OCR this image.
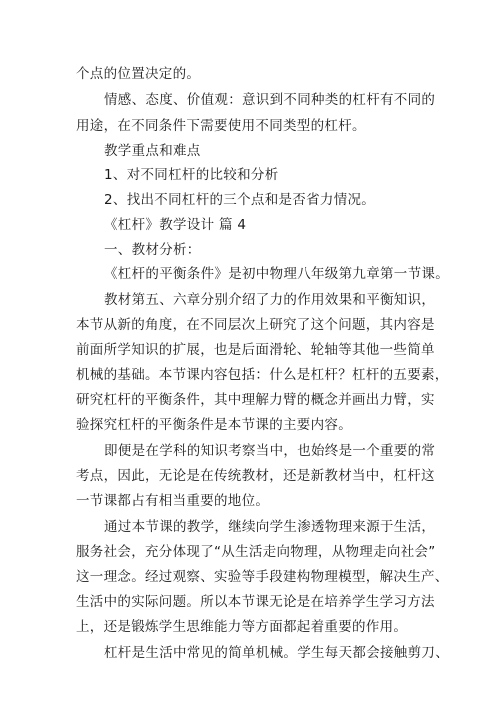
个点的位置决定的。
情感、态度、价值观：意识到不同种类的杠杆有不同的
用途，在不同条件下需要使用不同类型的杠杆。
教学重点和难点
1、对不同杠杆的比较和分析
2、找出不同杠杆的三个点和是否省力情况。
《杠杆》教学设计 篇 4
一、教材分析：
《杠杆的平衡条件》是初中物理八年级第九章第一节课。
教材第五、六章分别介绍了力的作用效果和平衡知识，
本节从新的角度，在不同层次上研究了这个问题，其内容是
前面所学知识的扩展，也是后面滑轮、轮轴等其他一些简单
机械的基础。本节课内容包括：什么是杠杆？杠杆的五要素，
研究杠杆的平衡条件，其中理解力臂的概念并画出力臂，实
验探究杠杆的平衡条件是本节课的主要内容。
即便是在学科的知识考察当中，也始终是一个重要的常
考点，因此，无论是在传统教材，还是新教材当中，杠杆这
一节课都占有相当重要的地位。
通过本节课的教学，继续向学生渗透物理来源于生活，
服务社会，充分体现了“从生活走向物理，从物理走向社会”
这一理念。经过观察、实验等手段建构物理模型，解决生产、
生活中的实际问题。所以本节课无论是在培养学生学习方法
上，还是锻炼学生思维能力等方面都起着重要的作用。
杠杆是生活中常见的简单机械。学生每天都会接触剪刀、
